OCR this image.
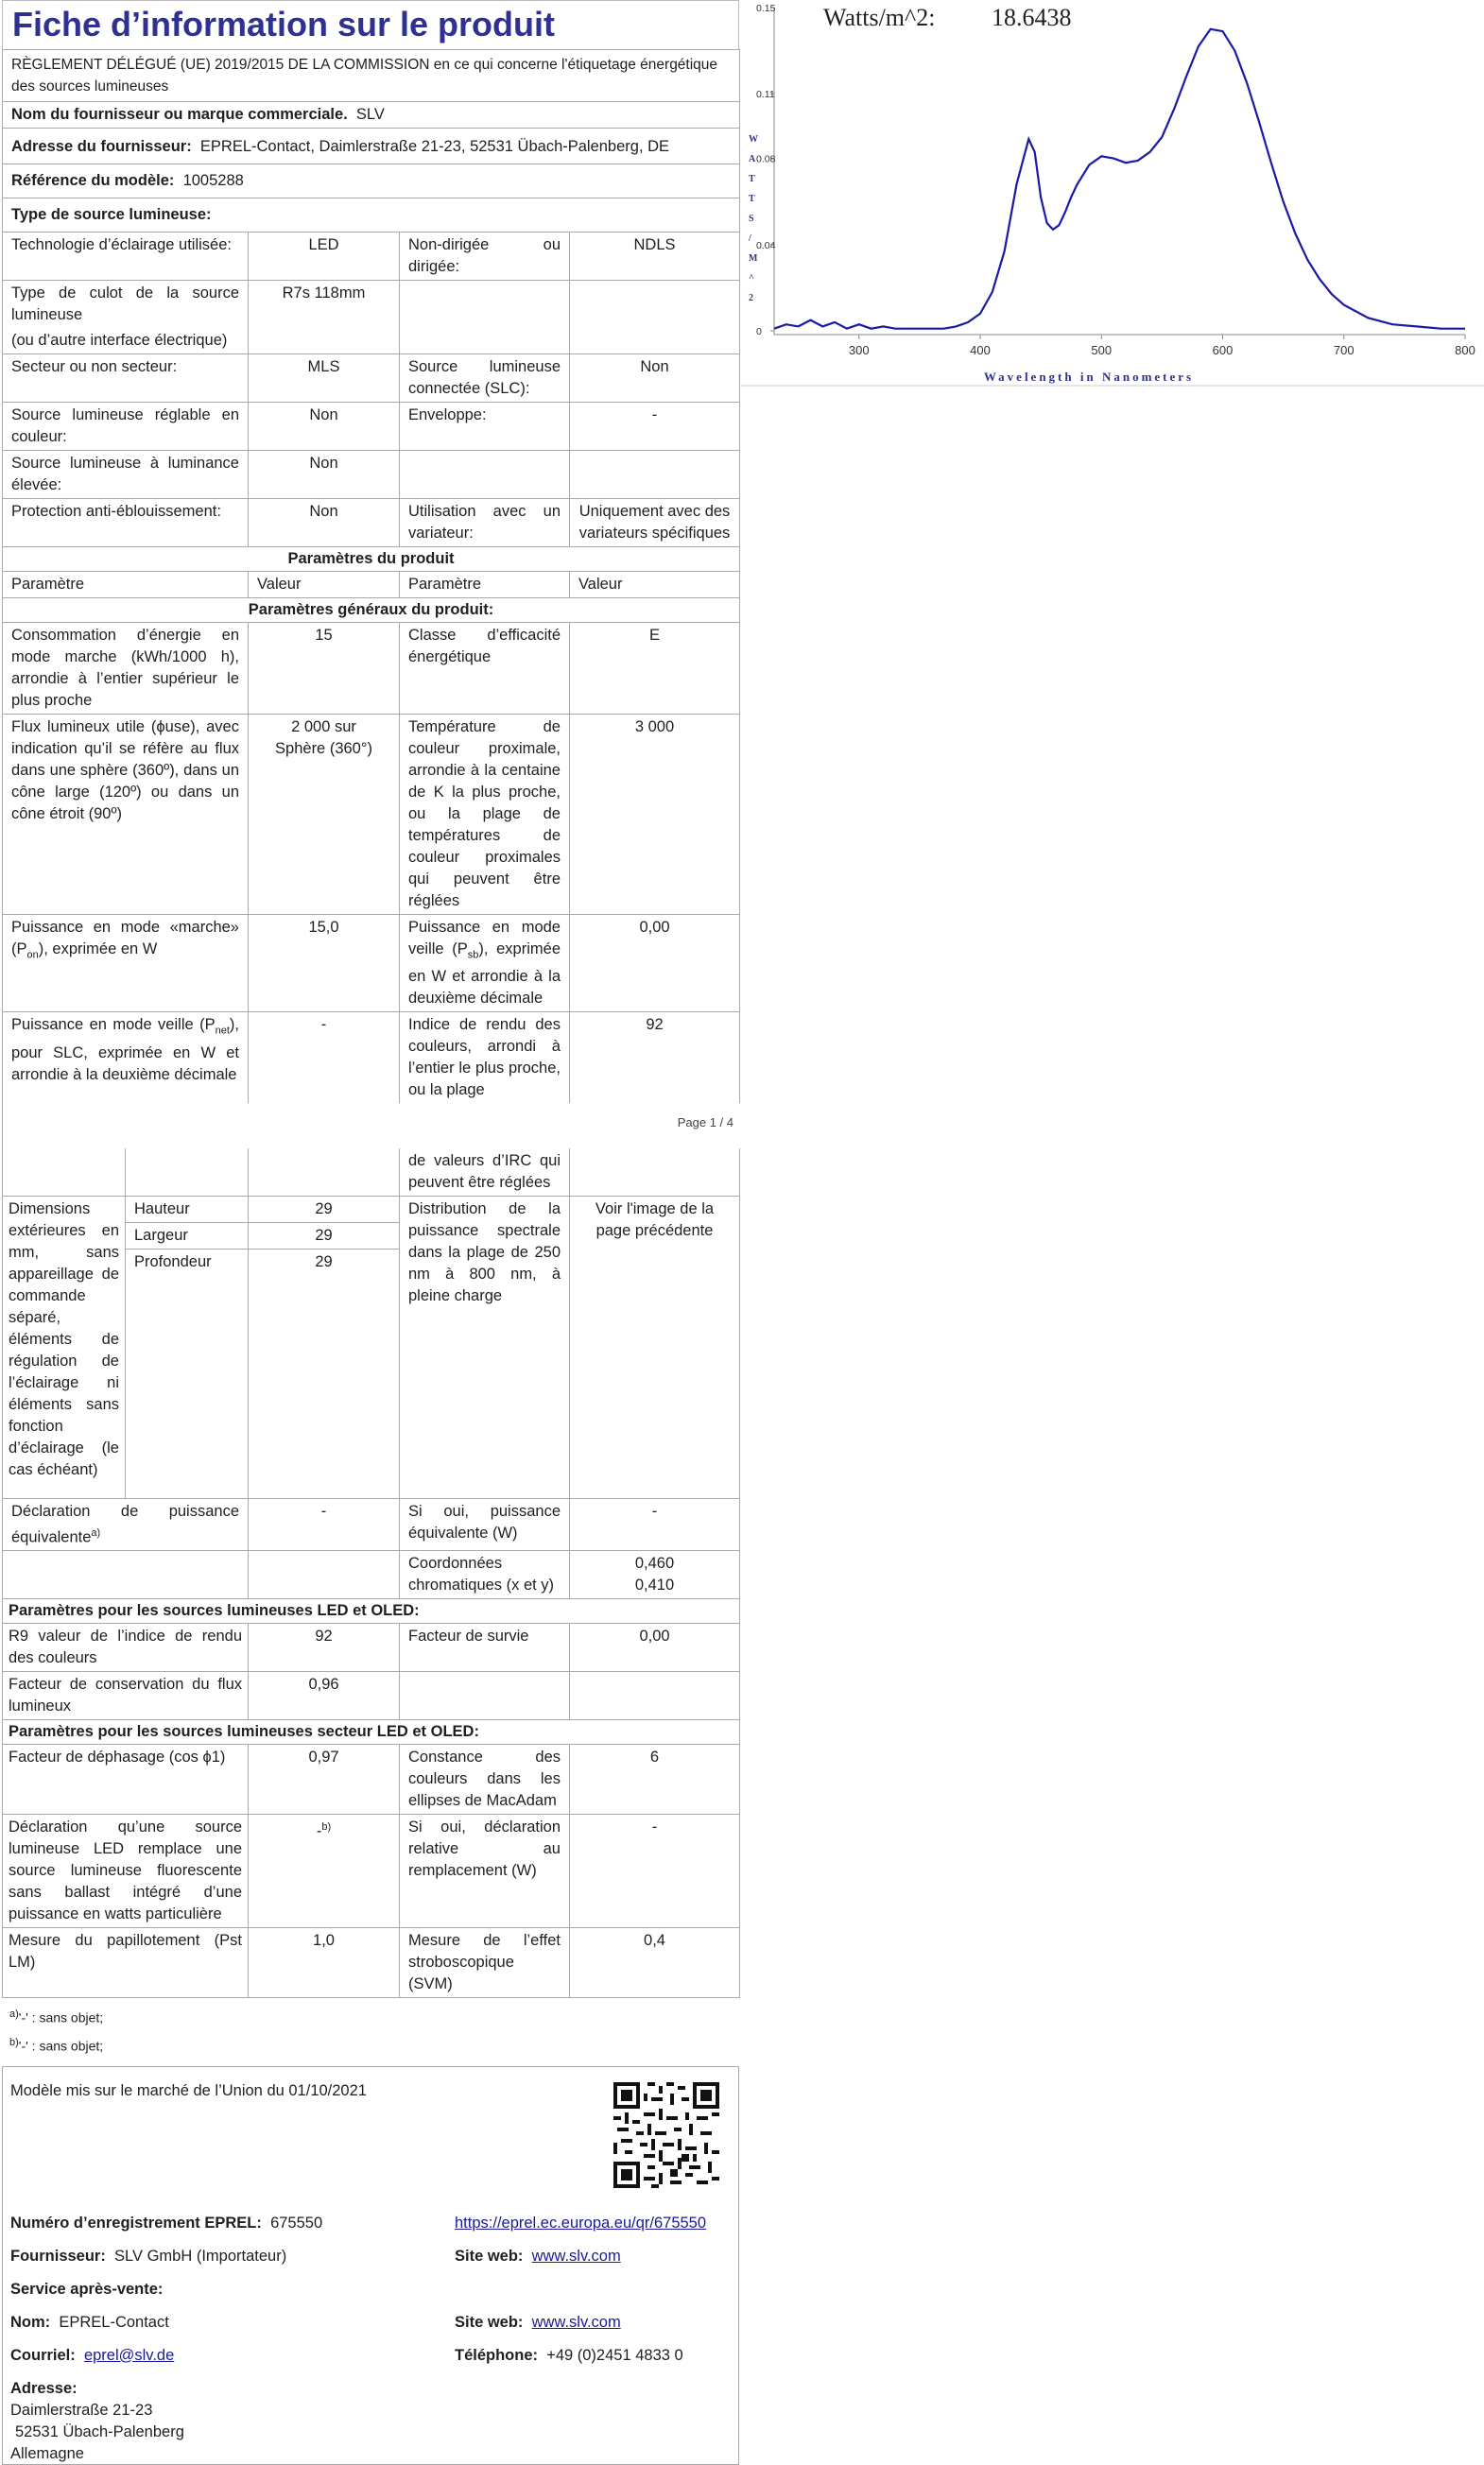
Fiche d’information sur le produit
RÈGLEMENT DÉLÉGUÉ (UE) 2019/2015 DE LA COMMISSION en ce qui concerne l'étiquetage énergétique des sources lumineuses			
Nom du fournisseur ou marque commerciale. SLV			
Adresse du fournisseur: EPREL-Contact, Daimlerstraße 21-23, 52531 Übach-Palenberg, DE			
Référence du modèle: 1005288			
Type de source lumineuse:			
Technologie d’éclairage utilisée:	LED	Non-dirigée ou dirigée:	NDLS
Type de culot de la source lumineuse	R7s 118mm		
(ou d’autre interface électrique)			
Secteur ou non secteur:	MLS	Source lumineuse connectée (SLC):	Non
Source lumineuse réglable en couleur:	Non	Enveloppe:	-
Source lumineuse à luminance élevée:	Non		
Protection anti-éblouissement:	Non	Utilisation avec un variateur:	Uniquement avec des variateurs spécifiques
Paramètres du produit			
Paramètre	Valeur	Paramètre	Valeur
Paramètres généraux du produit:			
Consommation d’énergie en mode marche (kWh/1000 h), arrondie à l’entier supérieur le plus proche	15	Classe d’efficacité énergétique	E
Flux lumineux utile (ϕuse), avec indication qu’il se réfère au flux dans une sphère (360º), dans un cône large (120º) ou dans un cône étroit (90º)	2 000 sur Sphère (360°)	Température de couleur proximale, arrondie à la centaine de K la plus proche, ou la plage de températures de couleur proximales qui peuvent être réglées	3 000
Puissance en mode «marche» $(P_{on})$, exprimée en W	15,0	Puissance en mode veille $(P_{sb})$, exprimée en W et arrondie à la deuxième décimale	0,00
Puissance en mode veille $(P_{net})$, pour SLC, exprimée en W et arrondie à la deuxième décimale	-	Indice de rendu des couleurs, arrondi à l’entier le plus proche, ou la plage	92
Page 1 / 4
			de valeurs d’IRC qui peuvent être réglées	
Dimensions extérieures en mm, sans appareillage de commande séparé, éléments de régulation de l’éclairage ni éléments sans fonction d’éclairage (le cas échéant)	Hauteur	29	Distribution de la puissance spectrale dans la plage de 250 nm à 800 nm, à pleine charge	Voir l'image de la page précédente
	Largeur	29		
	Profondeur	29		

Déclaration de puissance équivalente$^{a)}$		-	Si oui, puissance équivalente (W)	-
			Coordonnées chromatiques (x et y)	0,460
0,410

Paramètres pour les sources lumineuses LED et OLED:				
R9 valeur de l’indice de rendu des couleurs		92	Facteur de survie	0,00
Facteur de conservation du flux lumineux		0,96		
Paramètres pour les sources lumineuses secteur LED et OLED:				
Facteur de déphasage (cos ϕ1)		0,97	Constance des couleurs dans les ellipses de MacAdam	6
Déclaration qu’une source lumineuse LED remplace une source lumineuse fluorescente sans ballast intégré d’une puissance en watts particulière		-$^{b)}$	Si oui, déclaration relative au remplacement (W)	-
Mesure du papillotement (Pst LM)		1,0	Mesure de l’effet stroboscopique (SVM)	0,4
$^{a)}$'-' : sans objet;
$^{b)}$'-' : sans objet;
Modèle mis sur le marché de l’Union du 01/10/2021
Numéro d’enregistrement EPREL: 675550	https://eprel.ec.europa.eu/qr/675550
Fournisseur: SLV GmbH (Importateur)	Site web: www.slv.com
Service après-vente:
Nom: EPREL-Contact	Site web: www.slv.com
Courriel: eprel@slv.de	Téléphone: +49 (0)2451 4833 0
Adresse:
Daimlerstraße 21-23
52531 Übach-Palenberg
Allemagne
Watts/m^2: 18.6438
W
A
T
T
S
/
M
^
2
Wavelength in Nanometers
300	400	500	600	700	800
0
0.04
0.08
0.11
0.15
